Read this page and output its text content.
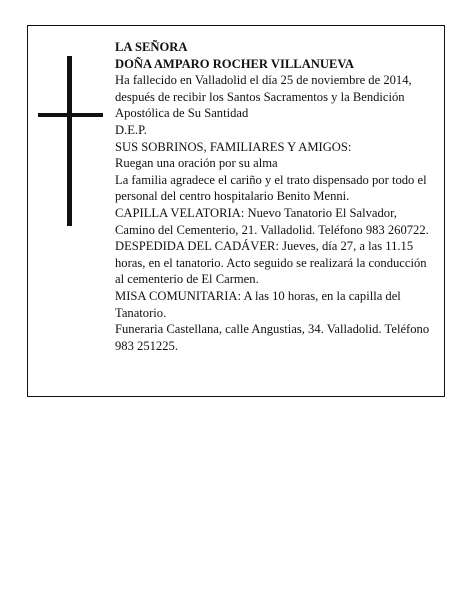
LA SEÑORA

DOÑA AMPARO ROCHER VILLANUEVA

Ha fallecido en Valladolid el día 25 de noviembre de 2014, después de recibir los Santos Sacramentos y la Bendición Apostólica de Su Santidad

D.E.P.

SUS SOBRINOS, FAMILIARES Y AMIGOS:

Ruegan una oración por su alma

La familia agradece el cariño y el trato dispensado por todo el personal del centro hospitalario Benito Menni.

CAPILLA VELATORIA: Nuevo Tanatorio El Salvador, Camino del Cementerio, 21. Valladolid. Teléfono 983 260722.

DESPEDIDA DEL CADÁVER: Jueves, día 27, a las 11.15 horas, en el tanatorio. Acto seguido se realizará la conducción al cementerio de El Carmen.

MISA COMUNITARIA: A las 10 horas, en la capilla del Tanatorio.

Funeraria Castellana, calle Angustias, 34. Valladolid. Teléfono 983 251225.
